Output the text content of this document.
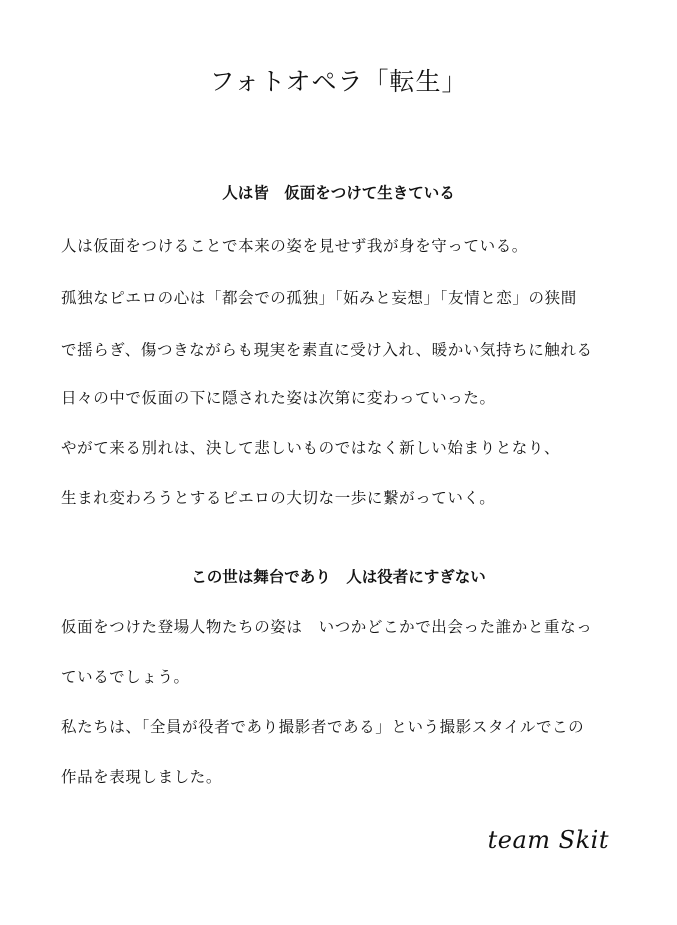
フォトオペラ「転生」
人は皆　仮面をつけて生きている

人は仮面をつけることで本来の姿を見せず我が身を守っている。

孤独なピエロの心は「都会での孤独」「妬みと妄想」「友情と恋」の狭間

で揺らぎ、傷つきながらも現実を素直に受け入れ、暖かい気持ちに触れる

日々の中で仮面の下に隠された姿は次第に変わっていった。

やがて来る別れは、決して悲しいものではなく新しい始まりとなり、

生まれ変わろうとするピエロの大切な一歩に繋がっていく。

この世は舞台であり　人は役者にすぎない

仮面をつけた登場人物たちの姿は　いつかどこかで出会った誰かと重なっ

ているでしょう。

私たちは、「全員が役者であり撮影者である」という撮影スタイルでこの

作品を表現しました。

team Skit
